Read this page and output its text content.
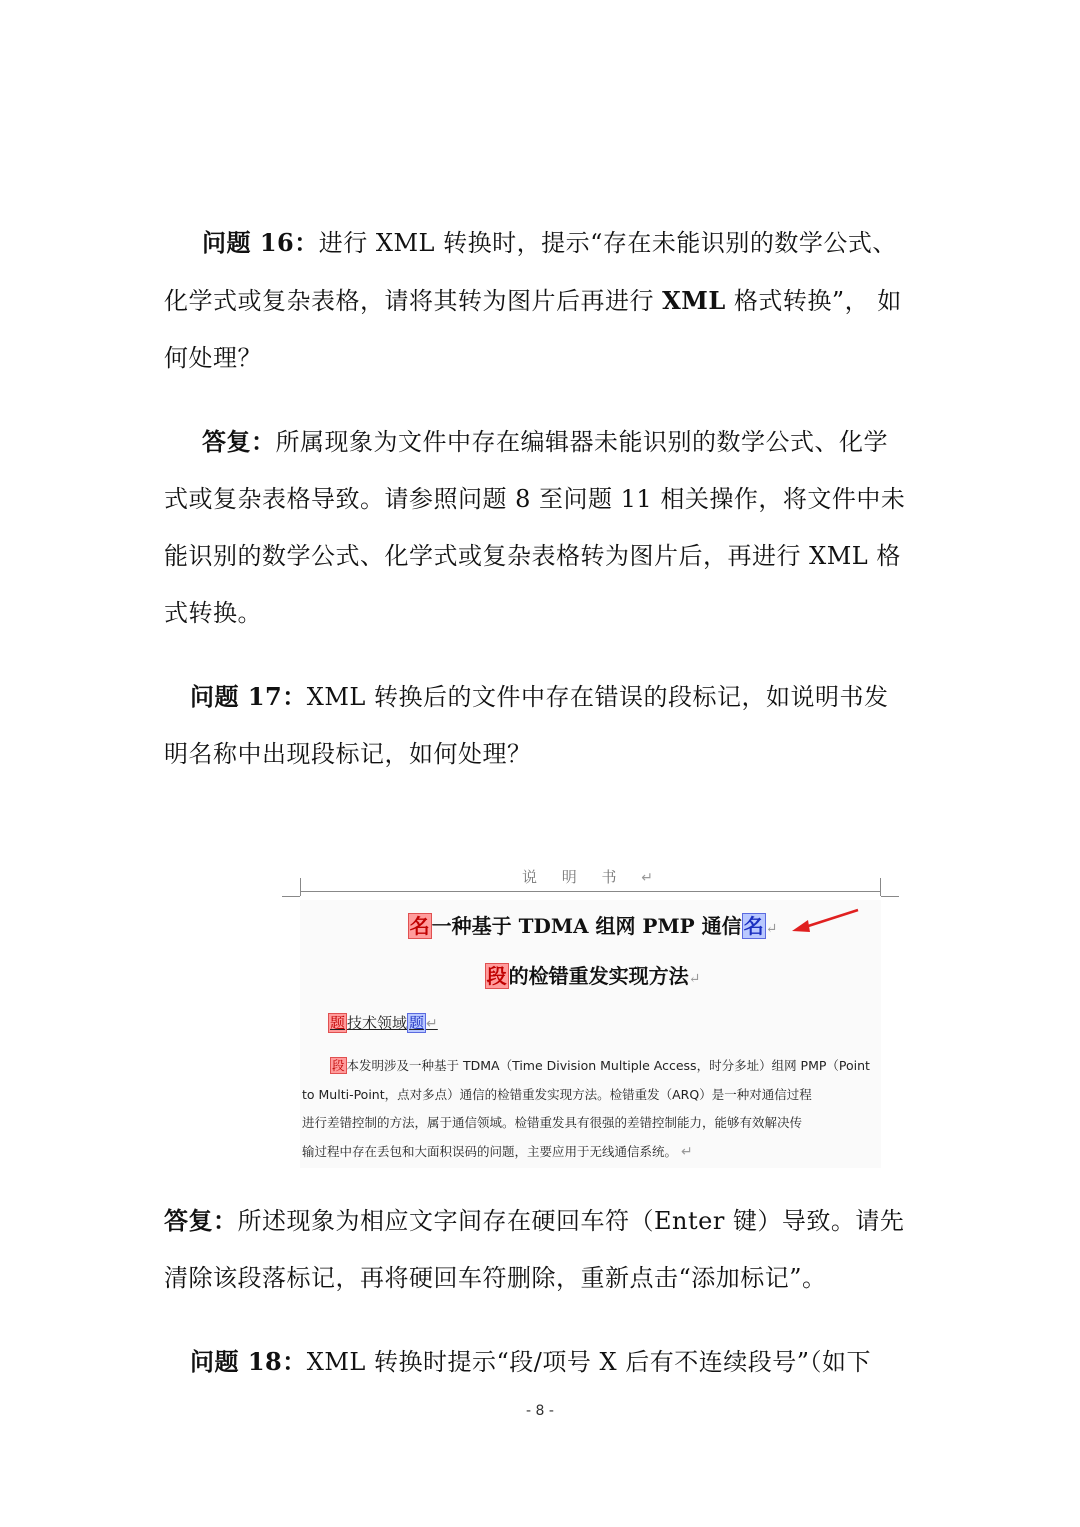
问题 16：进行 XML 转换时，提示“存在未能识别的数学公式、
化学式或复杂表格，请将其转为图片后再进行 XML 格式转换”， 如
何处理？
答复：所属现象为文件中存在编辑器未能识别的数学公式、化学
式或复杂表格导致。请参照问题 8 至问题 11 相关操作，将文件中未
能识别的数学公式、化学式或复杂表格转为图片后，再进行 XML 格
式转换。
问题 17：XML 转换后的文件中存在错误的段标记，如说明书发
明名称中出现段标记，如何处理？
说 明 书 ↵
名 一种基于 TDMA 组网 PMP 通信 名 ↵
段 的检错重发实现方法↵
题 技术领域 题 ↵
段 本发明涉及一种基于 TDMA（Time Division Multiple Access，时分多址）组网 PMP（Point
to Multi-Point，点对多点）通信的检错重发实现方法。检错重发（ARQ）是一种对通信过程
进行差错控制的方法，属于通信领域。检错重发具有很强的差错控制能力，能够有效解决传
输过程中存在丢包和大面积误码的问题，主要应用于无线通信系统。 ↵
答复：所述现象为相应文字间存在硬回车符（Enter 键）导致。请先
清除该段落标记，再将硬回车符删除，重新点击“添加标记”。
问题 18：XML 转换时提示“段/项号 X 后有不连续段号”（如下
- 8 -
